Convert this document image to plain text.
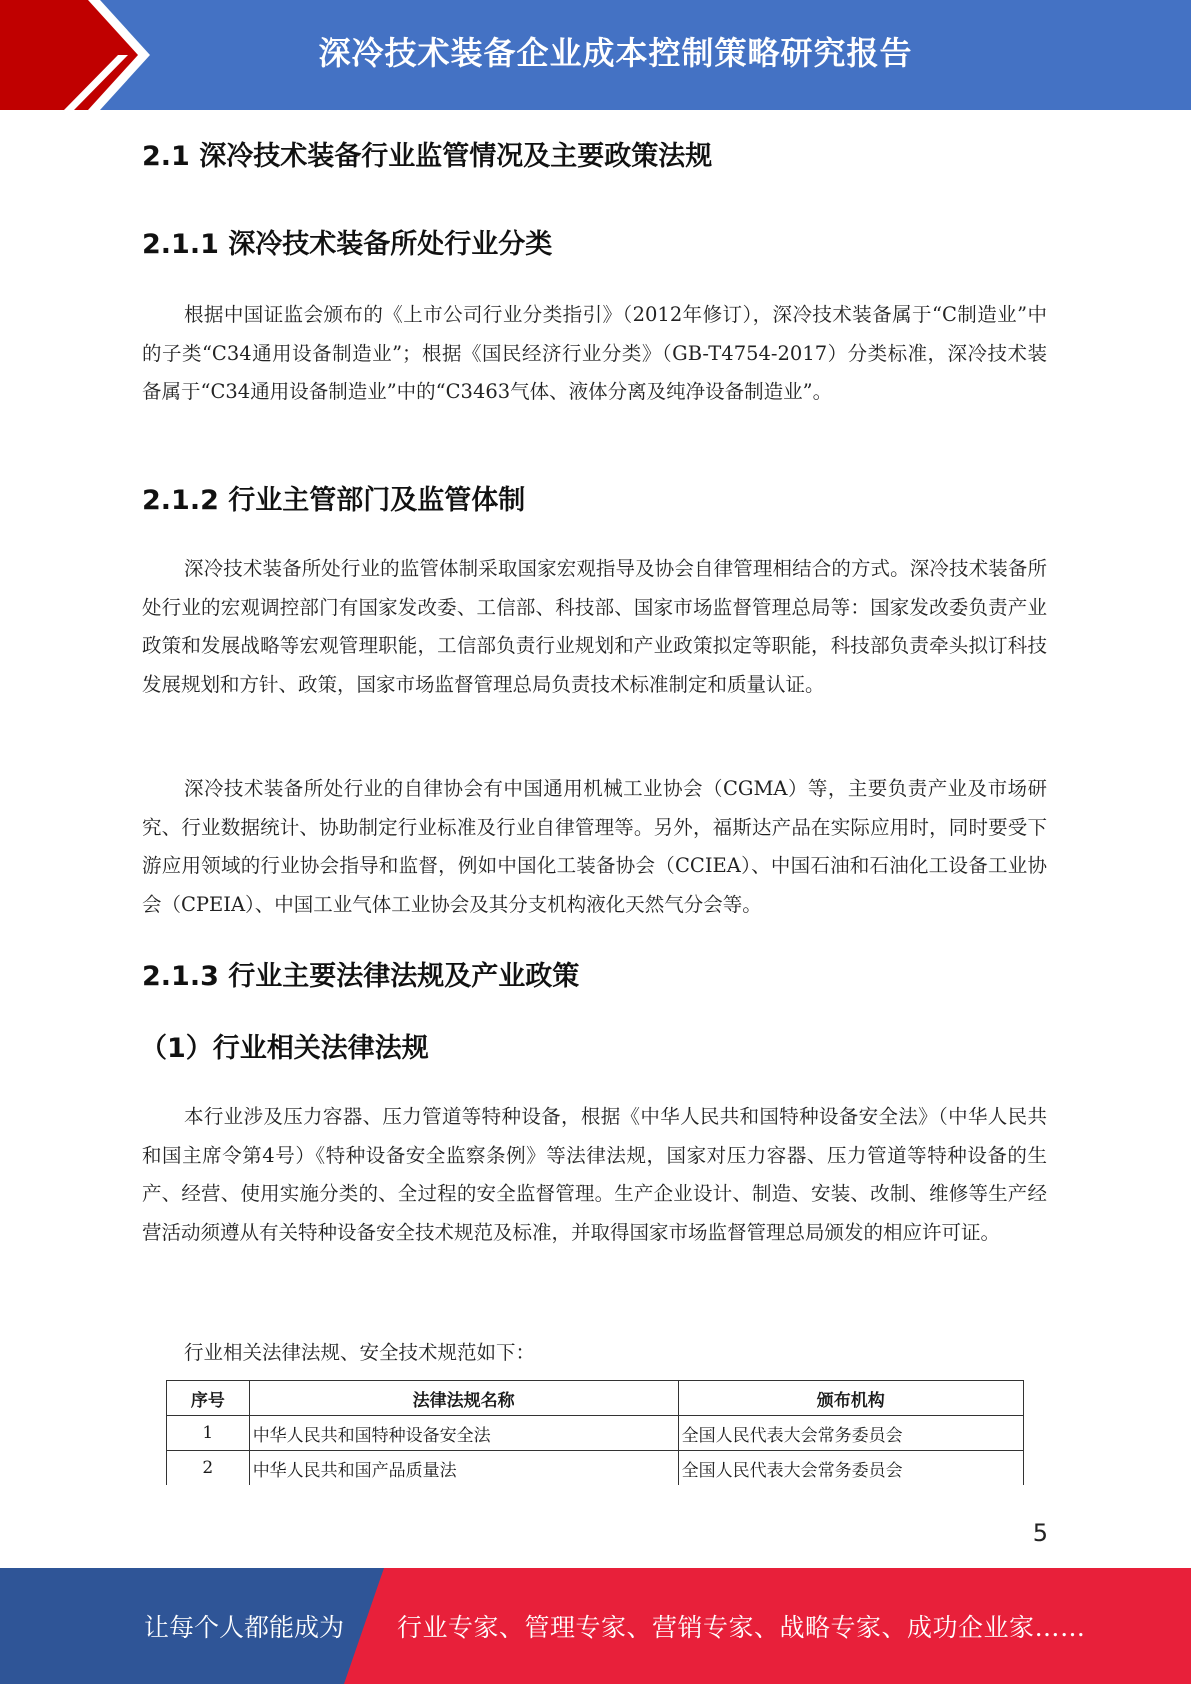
深冷技术装备企业成本控制策略研究报告
2.1 深冷技术装备行业监管情况及主要政策法规
2.1.1 深冷技术装备所处行业分类
根据中国证监会颁布的《上市公司行业分类指引》（2012年修订），深冷技术装备属于“C制造业”中的子类“C34通用设备制造业”；根据《国民经济行业分类》（GB-T4754-2017）分类标准，深冷技术装备属于“C34通用设备制造业”中的“C3463气体、液体分离及纯净设备制造业”。
2.1.2 行业主管部门及监管体制
深冷技术装备所处行业的监管体制采取国家宏观指导及协会自律管理相结合的方式。深冷技术装备所处行业的宏观调控部门有国家发改委、工信部、科技部、国家市场监督管理总局等：国家发改委负责产业政策和发展战略等宏观管理职能，工信部负责行业规划和产业政策拟定等职能，科技部负责牵头拟订科技发展规划和方针、政策，国家市场监督管理总局负责技术标准制定和质量认证。
深冷技术装备所处行业的自律协会有中国通用机械工业协会（CGMA）等，主要负责产业及市场研究、行业数据统计、协助制定行业标准及行业自律管理等。另外，福斯达产品在实际应用时，同时要受下游应用领域的行业协会指导和监督，例如中国化工装备协会（CCIEA）、中国石油和石油化工设备工业协会（CPEIA）、中国工业气体工业协会及其分支机构液化天然气分会等。
2.1.3 行业主要法律法规及产业政策
（1）行业相关法律法规
本行业涉及压力容器、压力管道等特种设备，根据《中华人民共和国特种设备安全法》（中华人民共和国主席令第4号）《特种设备安全监察条例》等法律法规，国家对压力容器、压力管道等特种设备的生产、经营、使用实施分类的、全过程的安全监督管理。生产企业设计、制造、安装、改制、维修等生产经营活动须遵从有关特种设备安全技术规范及标准，并取得国家市场监督管理总局颁发的相应许可证。
行业相关法律法规、安全技术规范如下：
序号	法律法规名称	颁布机构
1	中华人民共和国特种设备安全法	全国人民代表大会常务委员会
2	中华人民共和国产品质量法	全国人民代表大会常务委员会
5
让每个人都能成为 行业专家、管理专家、营销专家、战略专家、成功企业家……
